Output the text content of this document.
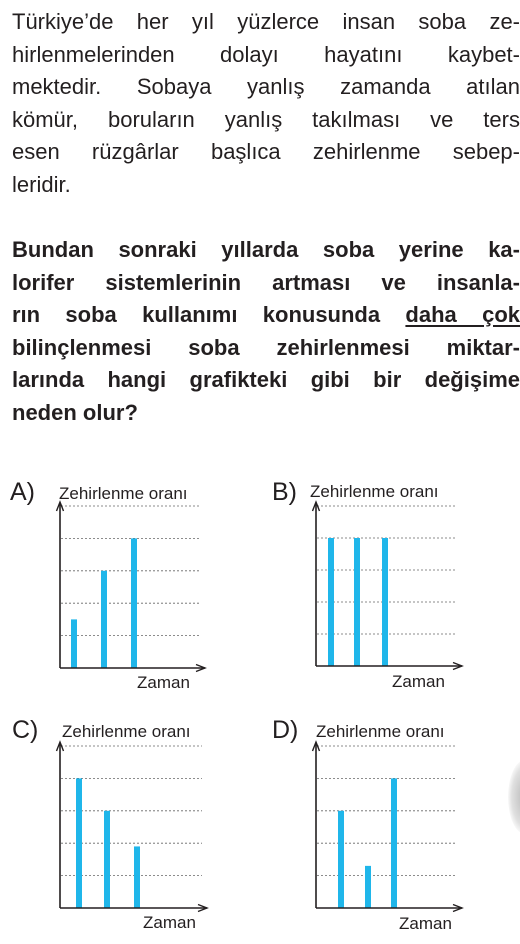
Türkiye’de her yıl yüzlerce insan soba ze-
hirlenmelerinden dolayı hayatını kaybet-
mektedir. Sobaya yanlış zamanda atılan
kömür, boruların yanlış takılması ve ters
esen rüzgârlar başlıca zehirlenme sebep-
leridir.
Bundan sonraki yıllarda soba yerine ka-
lorifer sistemlerinin artması ve insanla-
rın soba kullanımı konusunda daha çok
bilinçlenmesi soba zehirlenmesi miktar-
larında hangi grafikteki gibi bir değişime
neden olur?
A) Zehirlenme oranı
Zaman
B) Zehirlenme oranı
Zaman
C) Zehirlenme oranı
Zaman
D) Zehirlenme oranı
Zaman
